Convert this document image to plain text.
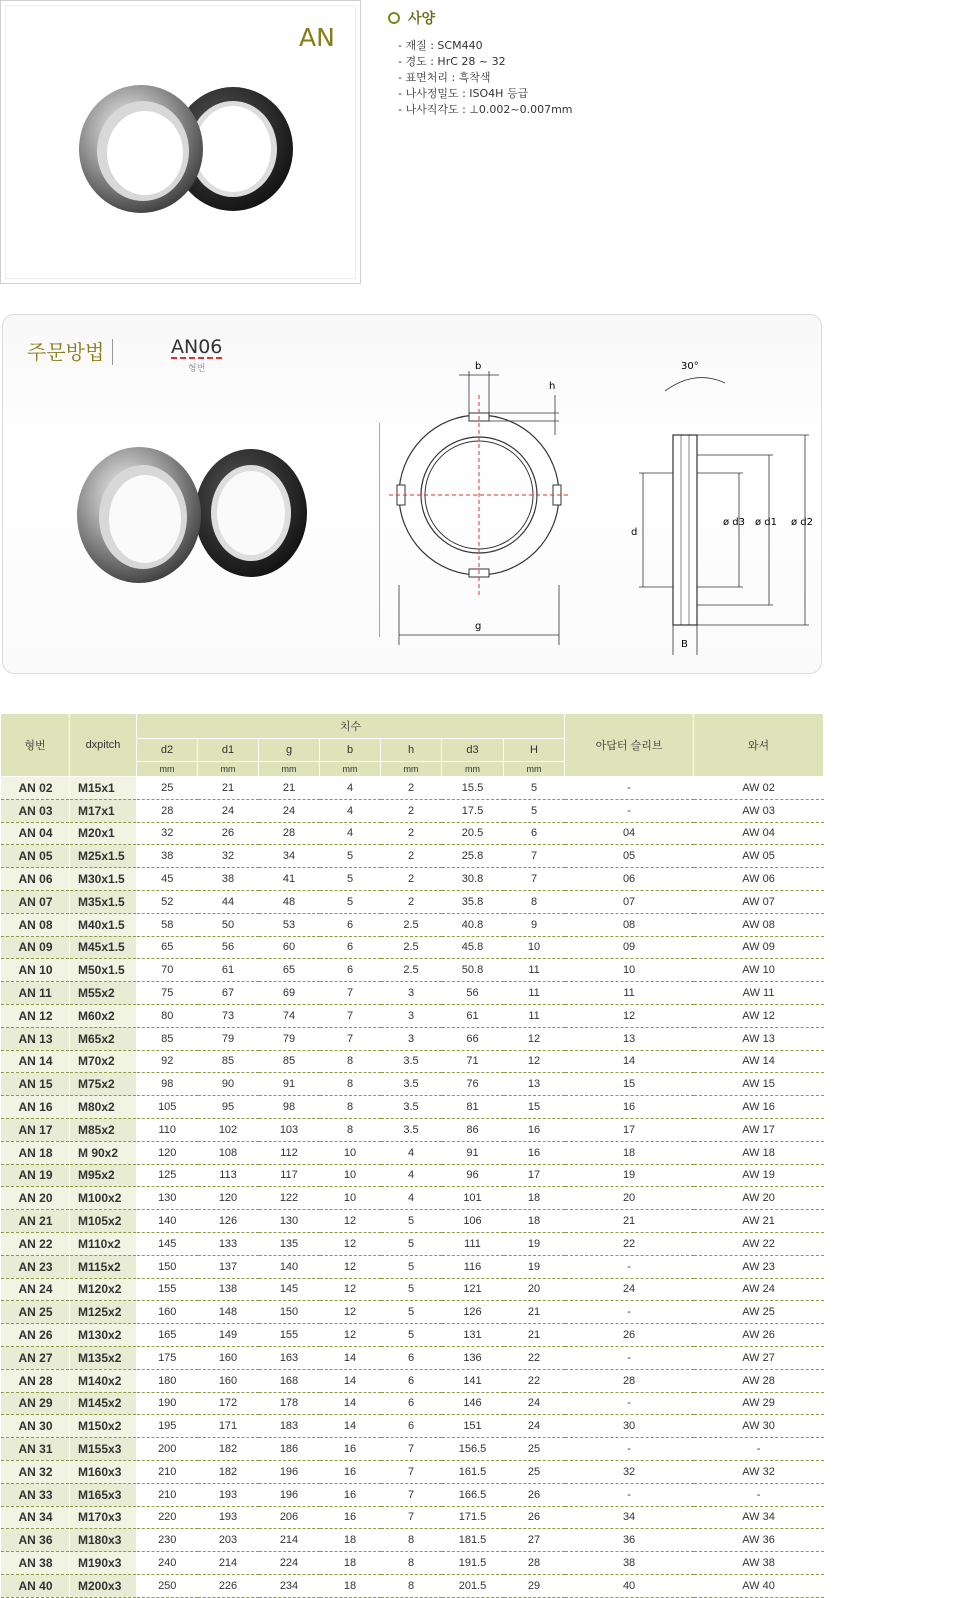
AN
사양
- 재질 : SCM440
- 경도 : HrC 28 ~ 32
- 표면처리 : 흑착색
- 나사정밀도 : ISO4H 등급
- 나사직각도 : ⊥0.002~0.007mm
주문방법	AN06
형번	b
h
g
d
ø d3 ø d1 ø d2
30°
B
형번	dxpitch	치수							아답터 슬리브	와셔
		d2	d1	g	b	h	d3	H		
		mm	mm	mm	mm	mm	mm	mm		
AN 02	M15x1	25	21	21	4	2	15.5	5	-	AW 02
AN 03	M17x1	28	24	24	4	2	17.5	5	-	AW 03
AN 04	M20x1	32	26	28	4	2	20.5	6	04	AW 04
AN 05	M25x1.5	38	32	34	5	2	25.8	7	05	AW 05
AN 06	M30x1.5	45	38	41	5	2	30.8	7	06	AW 06
AN 07	M35x1.5	52	44	48	5	2	35.8	8	07	AW 07
AN 08	M40x1.5	58	50	53	6	2.5	40.8	9	08	AW 08
AN 09	M45x1.5	65	56	60	6	2.5	45.8	10	09	AW 09
AN 10	M50x1.5	70	61	65	6	2.5	50.8	11	10	AW 10
AN 11	M55x2	75	67	69	7	3	56	11	11	AW 11
AN 12	M60x2	80	73	74	7	3	61	11	12	AW 12
AN 13	M65x2	85	79	79	7	3	66	12	13	AW 13
AN 14	M70x2	92	85	85	8	3.5	71	12	14	AW 14
AN 15	M75x2	98	90	91	8	3.5	76	13	15	AW 15
AN 16	M80x2	105	95	98	8	3.5	81	15	16	AW 16
AN 17	M85x2	110	102	103	8	3.5	86	16	17	AW 17
AN 18	M 90x2	120	108	112	10	4	91	16	18	AW 18
AN 19	M95x2	125	113	117	10	4	96	17	19	AW 19
AN 20	M100x2	130	120	122	10	4	101	18	20	AW 20
AN 21	M105x2	140	126	130	12	5	106	18	21	AW 21
AN 22	M110x2	145	133	135	12	5	111	19	22	AW 22
AN 23	M115x2	150	137	140	12	5	116	19	-	AW 23
AN 24	M120x2	155	138	145	12	5	121	20	24	AW 24
AN 25	M125x2	160	148	150	12	5	126	21	-	AW 25
AN 26	M130x2	165	149	155	12	5	131	21	26	AW 26
AN 27	M135x2	175	160	163	14	6	136	22	-	AW 27
AN 28	M140x2	180	160	168	14	6	141	22	28	AW 28
AN 29	M145x2	190	172	178	14	6	146	24	-	AW 29
AN 30	M150x2	195	171	183	14	6	151	24	30	AW 30
AN 31	M155x3	200	182	186	16	7	156.5	25	-	-
AN 32	M160x3	210	182	196	16	7	161.5	25	32	AW 32
AN 33	M165x3	210	193	196	16	7	166.5	26	-	-
AN 34	M170x3	220	193	206	16	7	171.5	26	34	AW 34
AN 36	M180x3	230	203	214	18	8	181.5	27	36	AW 36
AN 38	M190x3	240	214	224	18	8	191.5	28	38	AW 38
AN 40	M200x3	250	226	234	18	8	201.5	29	40	AW 40
